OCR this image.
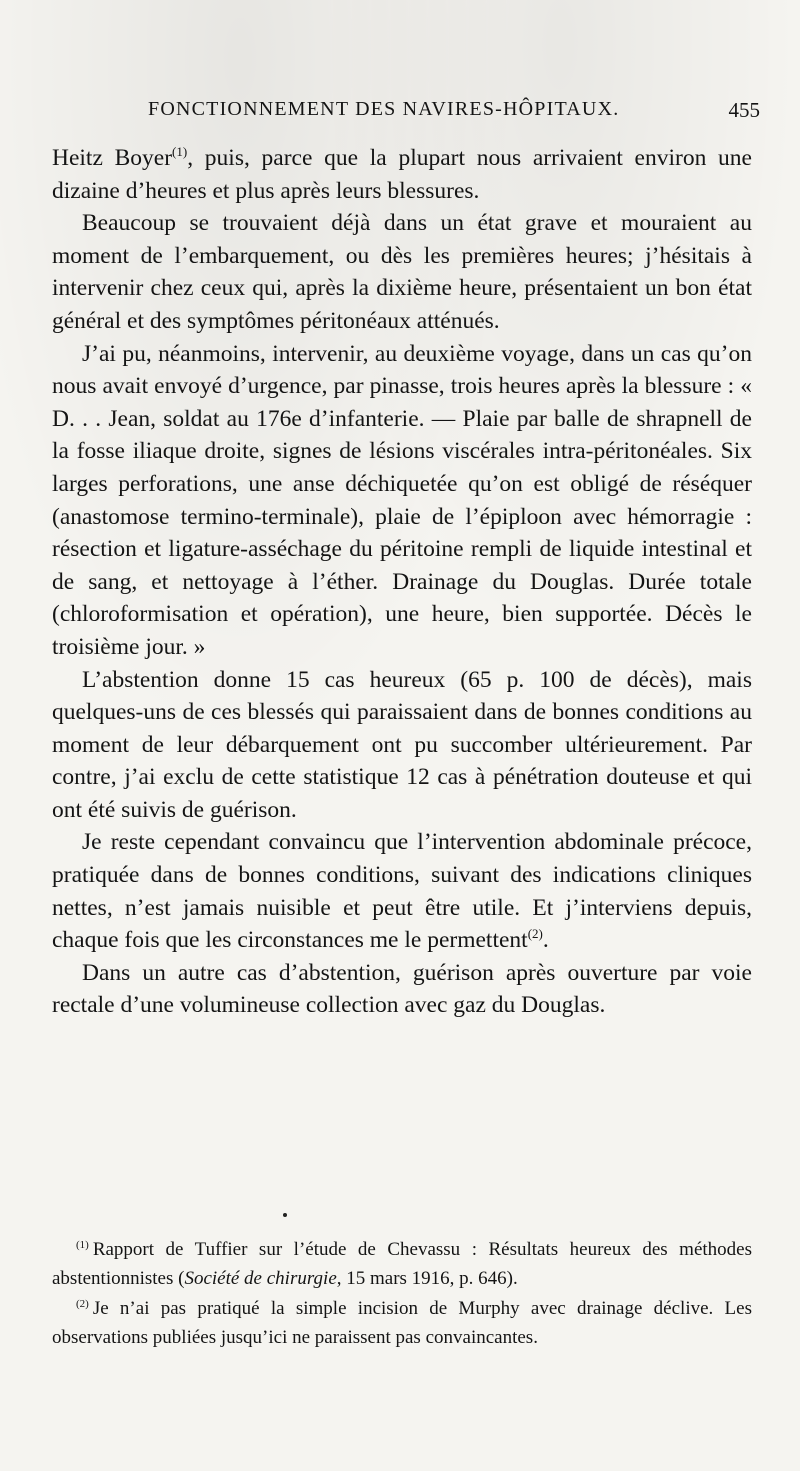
FONCTIONNEMENT DES NAVIRES-HÔPITAUX.	455

Heitz Boyer$^{(1)}$, puis, parce que la plupart nous arrivaient environ une dizaine d’heures et plus après leurs blessures.

Beaucoup se trouvaient déjà dans un état grave et mouraient au moment de l’embarquement, ou dès les premières heures; j’hésitais à intervenir chez ceux qui, après la dixième heure, présentaient un bon état général et des symptômes péritonéaux atténués.

J’ai pu, néanmoins, intervenir, au deuxième voyage, dans un cas qu’on nous avait envoyé d’urgence, par pinasse, trois heures après la blessure : « D. . . Jean, soldat au 176e d’infanterie. — Plaie par balle de shrapnell de la fosse iliaque droite, signes de lésions viscérales intra-péritonéales. Six larges perforations, une anse déchiquetée qu’on est obligé de réséquer (anastomose termino-terminale), plaie de l’épiploon avec hémorragie : résection et ligature-asséchage du péritoine rempli de liquide intestinal et de sang, et nettoyage à l’éther. Drainage du Douglas. Durée totale (chloroformisation et opération), une heure, bien supportée. Décès le troisième jour. »

L’abstention donne 15 cas heureux (65 p. 100 de décès), mais quelques-uns de ces blessés qui paraissaient dans de bonnes conditions au moment de leur débarquement ont pu succomber ultérieurement. Par contre, j’ai exclu de cette statistique 12 cas à pénétration douteuse et qui ont été suivis de guérison.

Je reste cependant convaincu que l’intervention abdominale précoce, pratiquée dans de bonnes conditions, suivant des indications cliniques nettes, n’est jamais nuisible et peut être utile. Et j’interviens depuis, chaque fois que les circonstances me le permettent$^{(2)}$.

Dans un autre cas d’abstention, guérison après ouverture par voie rectale d’une volumineuse collection avec gaz du Douglas.

$^{(1)}$ Rapport de Tuffier sur l’étude de Chevassu : Résultats heureux des méthodes abstentionnistes (Société de chirurgie, 15 mars 1916, p. 646).

$^{(2)}$ Je n’ai pas pratiqué la simple incision de Murphy avec drainage déclive. Les observations publiées jusqu’ici ne paraissent pas convaincantes.
